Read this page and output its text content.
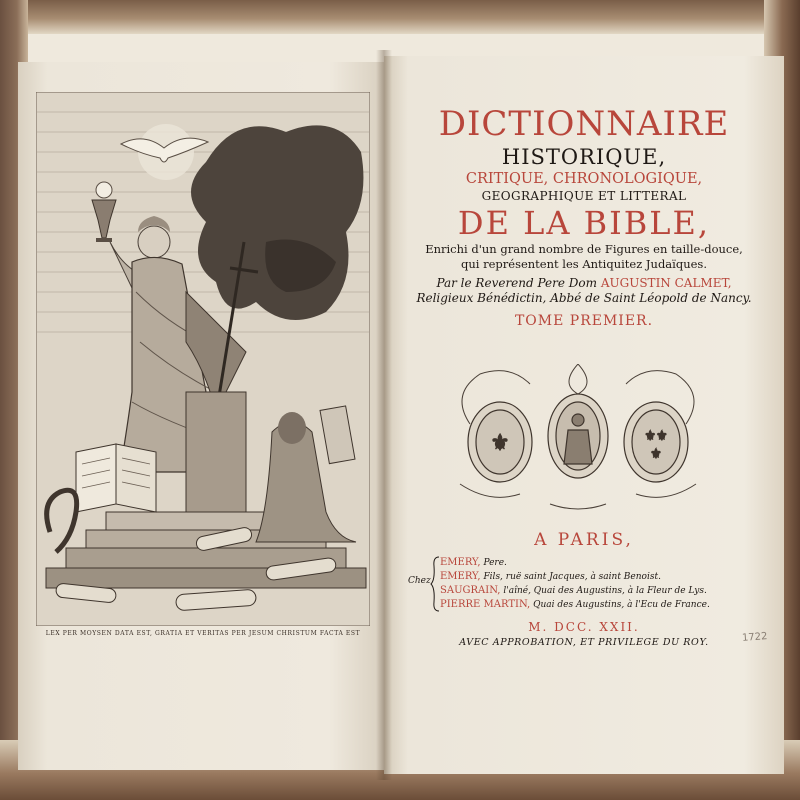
LEX PER MOYSEN DATA EST, GRATIA ET VERITAS PER JESUM CHRISTUM FACTA EST
DICTIONNAIRE
HISTORIQUE,
CRITIQUE, CHRONOLOGIQUE,
GEOGRAPHIQUE ET LITTERAL
DE LA BIBLE,
Enrichi d'un grand nombre de Figures en taille-douce,
qui représentent les Antiquitez Judaïques.
Par le Reverend Pere Dom AUGUSTIN CALMET,
Religieux Bénédictin, Abbé de Saint Léopold de Nancy.
TOME PREMIER.
⚜	⚜⚜
⚜
A PARIS,
Chez
EMERY, Pere.
EMERY, Fils, ruë saint Jacques, à saint Benoist.
SAUGRAIN, l'aîné, Quai des Augustins, à la Fleur de Lys.
PIERRE MARTIN, Quai des Augustins, à l'Ecu de France.
M. DCC. XXII.
AVEC APPROBATION, ET PRIVILEGE DU ROY.	1722
